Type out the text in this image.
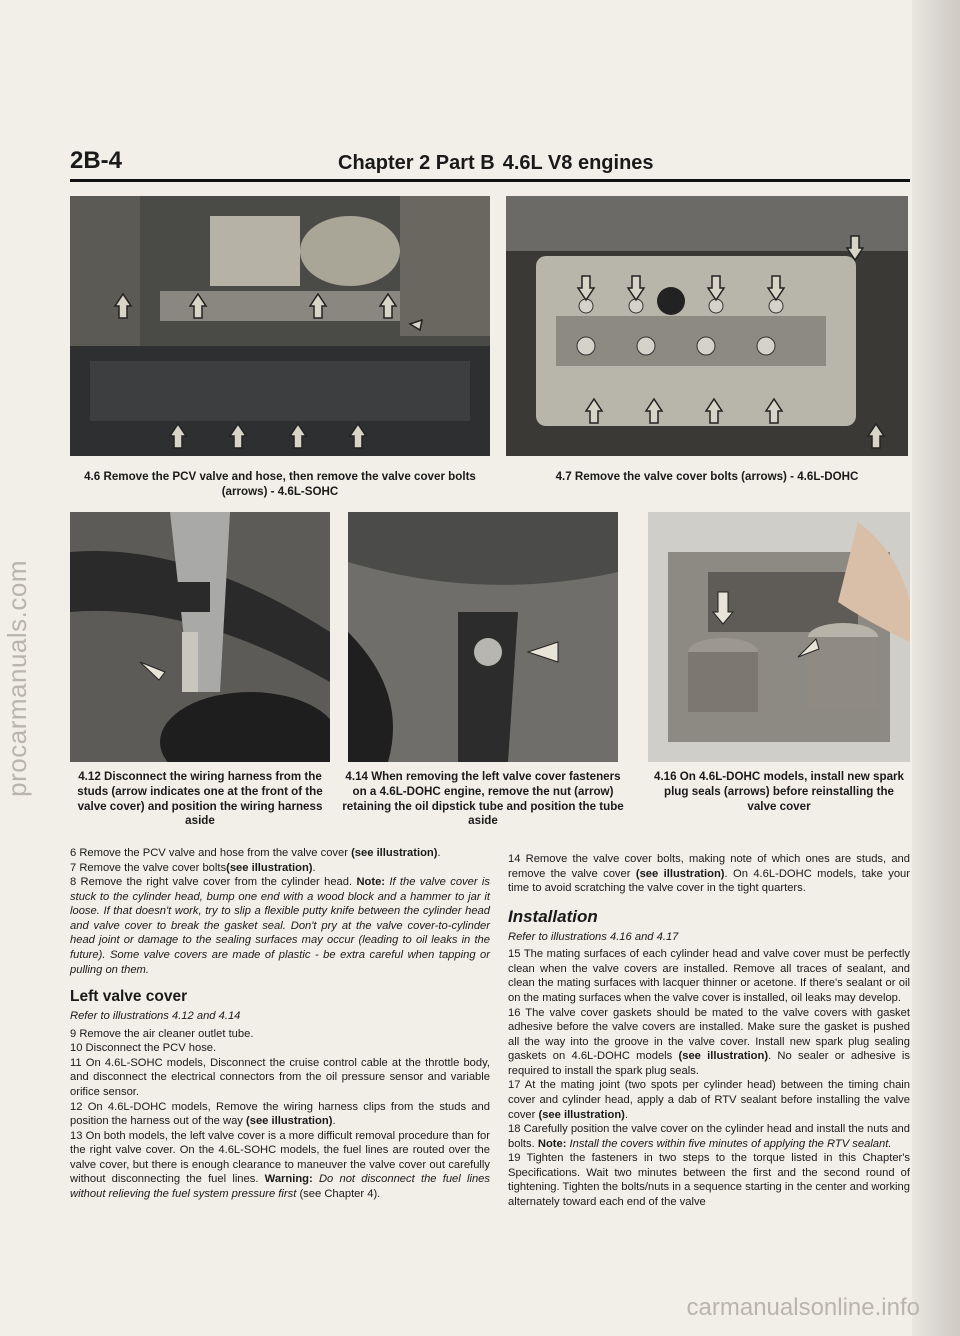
procarmanuals.com
2B-4	Chapter 2 Part B 4.6L V8 engines
4.6 Remove the PCV valve and hose, then remove the valve cover bolts (arrows) - 4.6L-SOHC
4.7 Remove the valve cover bolts (arrows) - 4.6L-DOHC
4.12 Disconnect the wiring harness from the studs (arrow indicates one at the front of the valve cover) and position the wiring harness aside
4.14 When removing the left valve cover fasteners on a 4.6L-DOHC engine, remove the nut (arrow) retaining the oil dipstick tube and position the tube aside
4.16 On 4.6L-DOHC models, install new spark plug seals (arrows) before reinstalling the valve cover

6 Remove the PCV valve and hose from the valve cover (see illustration).

7 Remove the valve cover bolts(see illustration).

8 Remove the right valve cover from the cylinder head. Note: If the valve cover is stuck to the cylinder head, bump one end with a wood block and a hammer to jar it loose. If that doesn't work, try to slip a flexible putty knife between the cylinder head and valve cover to break the gasket seal. Don't pry at the valve cover-to-cylinder head joint or damage to the sealing surfaces may occur (leading to oil leaks in the future). Some valve covers are made of plastic - be extra careful when tapping or pulling on them.

Left valve cover

Refer to illustrations 4.12 and 4.14

9 Remove the air cleaner outlet tube.

10 Disconnect the PCV hose.

11 On 4.6L-SOHC models, Disconnect the cruise control cable at the throttle body, and disconnect the electrical connectors from the oil pressure sensor and variable orifice sensor.

12 On 4.6L-DOHC models, Remove the wiring harness clips from the studs and position the harness out of the way (see illustration).

13 On both models, the left valve cover is a more difficult removal procedure than for the right valve cover. On the 4.6L-SOHC models, the fuel lines are routed over the valve cover, but there is enough clearance to maneuver the valve cover out carefully without disconnecting the fuel lines. Warning: Do not disconnect the fuel lines without relieving the fuel system pressure first (see Chapter 4).

14 Remove the valve cover bolts, making note of which ones are studs, and remove the valve cover (see illustration). On 4.6L-DOHC models, take your time to avoid scratching the valve cover in the tight quarters.

Installation

Refer to illustrations 4.16 and 4.17

15 The mating surfaces of each cylinder head and valve cover must be perfectly clean when the valve covers are installed. Remove all traces of sealant, and clean the mating surfaces with lacquer thinner or acetone. If there's sealant or oil on the mating surfaces when the valve cover is installed, oil leaks may develop.

16 The valve cover gaskets should be mated to the valve covers with gasket adhesive before the valve covers are installed. Make sure the gasket is pushed all the way into the groove in the valve cover. Install new spark plug sealing gaskets on 4.6L-DOHC models (see illustration). No sealer or adhesive is required to install the spark plug seals.

17 At the mating joint (two spots per cylinder head) between the timing chain cover and cylinder head, apply a dab of RTV sealant before installing the valve cover (see illustration).

18 Carefully position the valve cover on the cylinder head and install the nuts and bolts. Note: Install the covers within five minutes of applying the RTV sealant.

19 Tighten the fasteners in two steps to the torque listed in this Chapter's Specifications. Wait two minutes between the first and the second round of tightening. Tighten the bolts/nuts in a sequence starting in the center and working alternately toward each end of the valve

carmanualsonline.info
